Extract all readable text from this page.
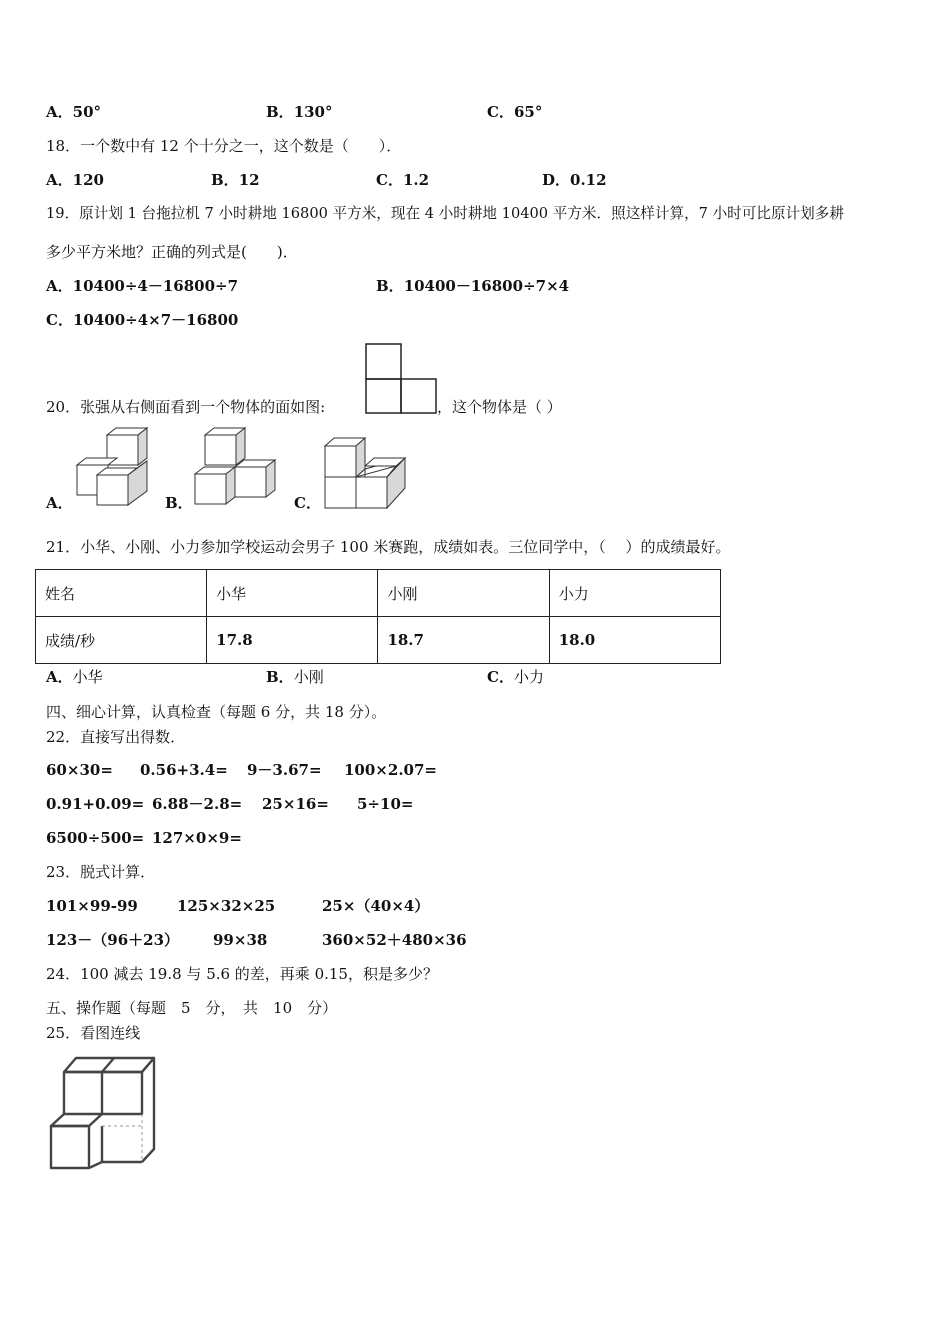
A．50°	B．130°	C．65°
18．一个数中有 12 个十分之一，这个数是（　　）．
A．120	B．12	C．1.2	D．0.12
19．原计划 1 台拖拉机 7 小时耕地 16800 平方米，现在 4 小时耕地 10400 平方米．照这样计算，7 小时可比原计划多耕
多少平方米地？正确的列式是(　　)．
A．10400÷4－16800÷7	B．10400－16800÷7×4
C．10400÷4×7－16800
20．张强从右侧面看到一个物体的面如图:	，这个物体是（ ）
A．	B．	C．
21．小华、小刚、小力参加学校运动会男子 100 米赛跑，成绩如表。三位同学中，（　 ）的成绩最好。
姓名	小华	小刚	小力
成绩/秒	17.8	18.7	18.0
A．小华	B．小刚	C．小力
四、细心计算，认真检查（每题 6 分，共 18 分）。
22．直接写出得数．
60×30= 0.56+3.4= 9－3.67= 100×2.07=
0.91+0.09= 6.88－2.8= 25×16= 5÷10=
6500÷500= 127×0×9=
23．脱式计算．
101×99-99	125×32×25	25×（40×4）
123－（96＋23） 99×38	360×52＋480×36
24．100 减去 19.8 与 5.6 的差，再乘 0.15，积是多少？
五、操作题（每题　5　分，　共　10　分）
25．看图连线
